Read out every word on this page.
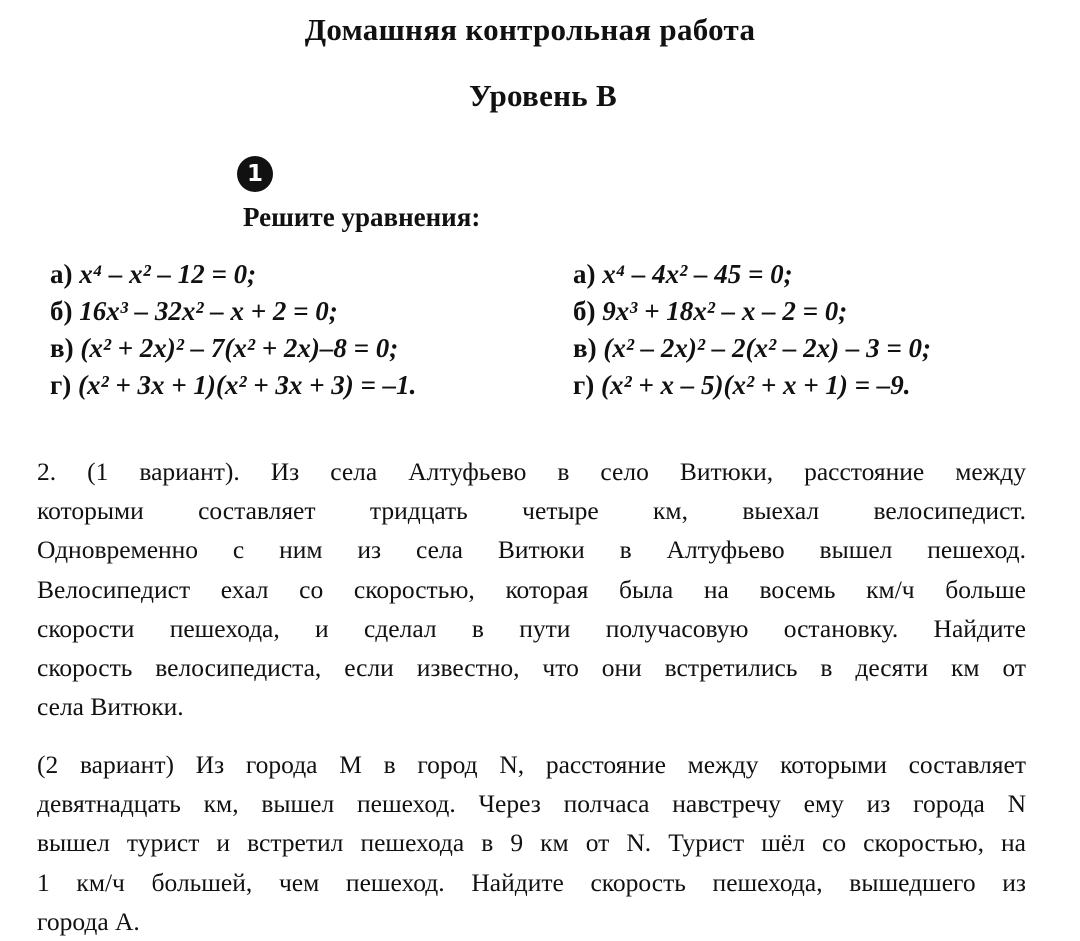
Домашняя контрольная работа
Уровень В
1
Решите уравнения:
а) x⁴ – x² – 12 = 0;
б) 16x³ – 32x² – x + 2 = 0;
в) (x² + 2x)² – 7(x² + 2x)–8 = 0;
г) (x² + 3x + 1)(x² + 3x + 3) = –1.
а) x⁴ – 4x² – 45 = 0;
б) 9x³ + 18x² – x – 2 = 0;
в) (x² – 2x)² – 2(x² – 2x) – 3 = 0;
г) (x² + x – 5)(x² + x + 1) = –9.

2. (1 вариант). Из села Алтуфьево в село Витюки, расстояние между
которыми составляет тридцать четыре км, выехал велосипедист.
Одновременно с ним из села Витюки в Алтуфьево вышел пешеход.
Велосипедист ехал со скоростью, которая была на восемь км/ч больше
скорости пешехода, и сделал в пути получасовую остановку. Найдите
скорость велосипедиста, если известно, что они встретились в десяти км от
села Витюки.

(2 вариант) Из города M в город N, расстояние между которыми составляет
девятнадцать км, вышел пешеход. Через полчаса навстречу ему из города N
вышел турист и встретил пешехода в 9 км от N. Турист шёл со скоростью, на
1 км/ч большей, чем пешеход. Найдите скорость пешехода, вышедшего из
города А.
